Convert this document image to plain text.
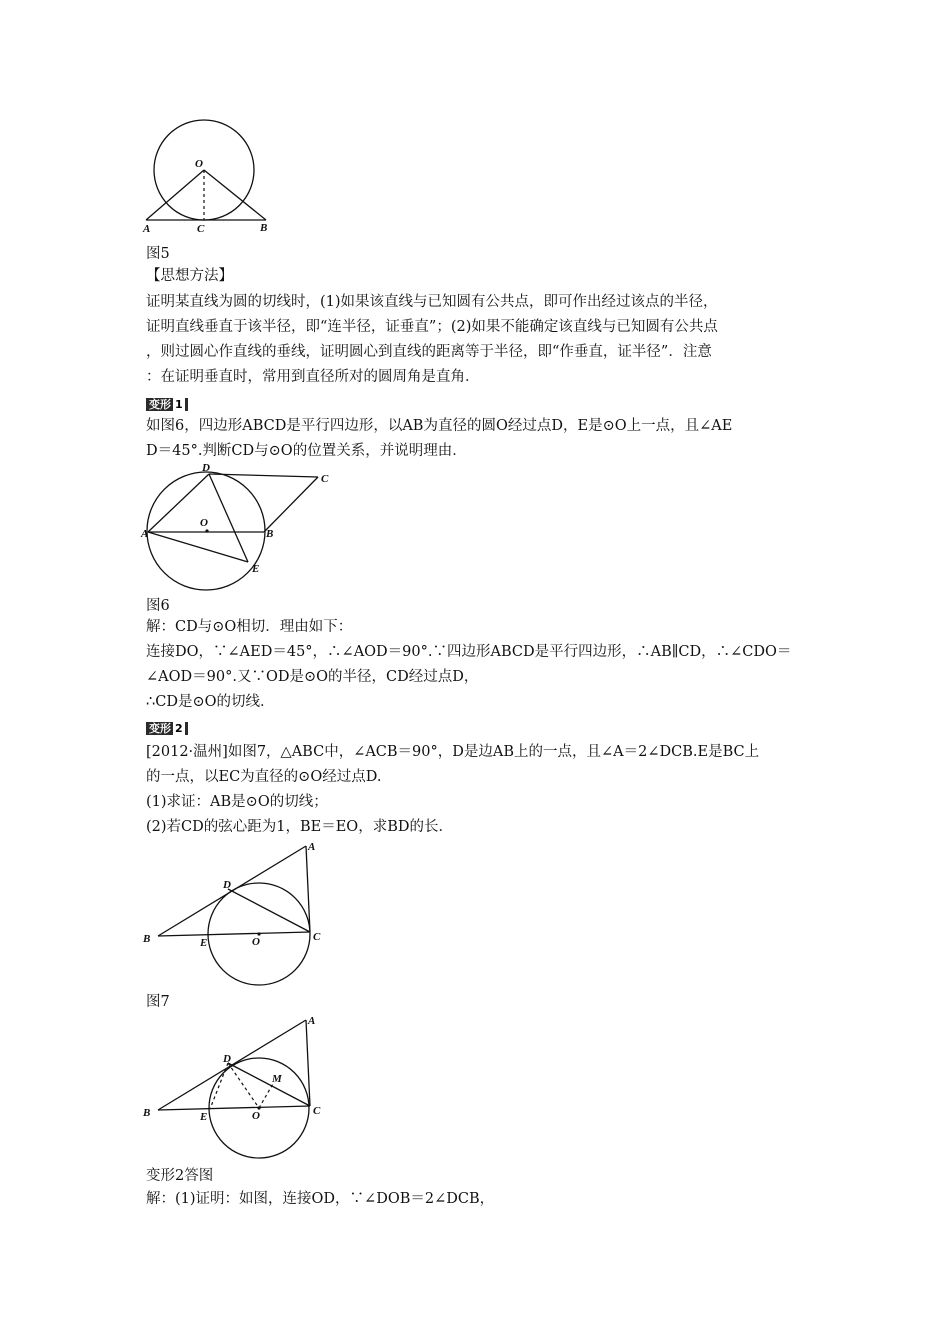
O
A	C	B
图5
【思想方法】
证明某直线为圆的切线时，(1)如果该直线与已知圆有公共点，即可作出经过该点的半径，
证明直线垂直于该半径，即“连半径，证垂直”；(2)如果不能确定该直线与已知圆有公共点
，则过圆心作直线的垂线，证明圆心到直线的距离等于半径，即“作垂直，证半径”．注意
：在证明垂直时，常用到直径所对的圆周角是直角．
变形 1
如图6，四边形ABCD是平行四边形，以AB为直径的圆O经过点D，E是⊙O上一点，且∠AE
D＝45°.判断CD与⊙O的位置关系，并说明理由．
D
C
A
O
B
E
图6
解：CD与⊙O相切．理由如下：
连接DO，∵∠AED＝45°，∴∠AOD＝90°.∵四边形ABCD是平行四边形，∴AB∥CD，∴∠CDO＝
∠AOD＝90°.又∵OD是⊙O的半径，CD经过点D，
∴CD是⊙O的切线．
变形 2
[2012·温州]如图7，△ABC中，∠ACB＝90°，D是边AB上的一点，且∠A＝2∠DCB.E是BC上
的一点，以EC为直径的⊙O经过点D.
(1)求证：AB是⊙O的切线；
(2)若CD的弦心距为1，BE＝EO，求BD的长．
A
D
B	E	O	C
图7
A
D
M
B	E	O	C
变形2答图
解：(1)证明：如图，连接OD，∵∠DOB＝2∠DCB，
